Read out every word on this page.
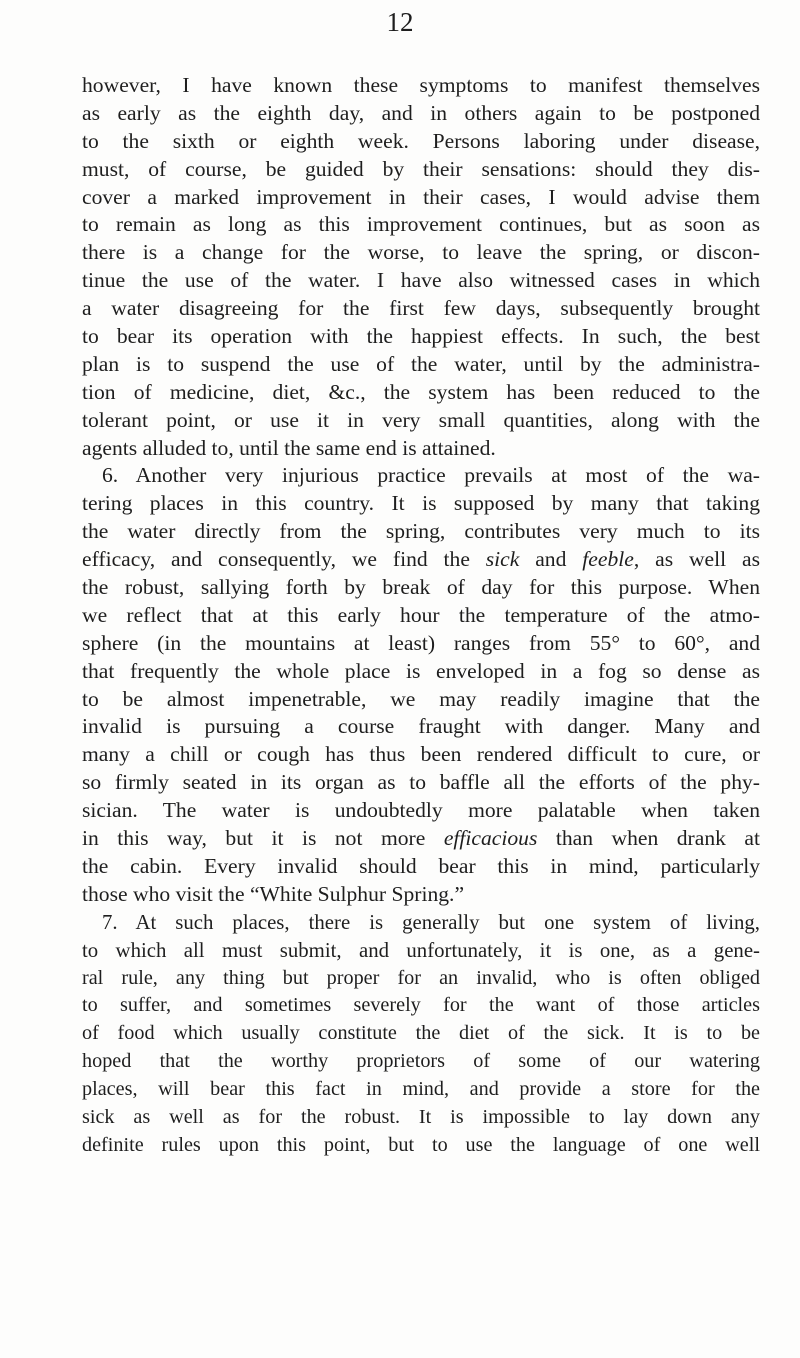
12
however, I have known these symptoms to manifest themselves
as early as the eighth day, and in others again to be postponed
to the sixth or eighth week. Persons laboring under disease,
must, of course, be guided by their sensations: should they dis-
cover a marked improvement in their cases, I would advise them
to remain as long as this improvement continues, but as soon as
there is a change for the worse, to leave the spring, or discon-
tinue the use of the water. I have also witnessed cases in which
a water disagreeing for the first few days, subsequently brought
to bear its operation with the happiest effects. In such, the best
plan is to suspend the use of the water, until by the administra-
tion of medicine, diet, &c., the system has been reduced to the
tolerant point, or use it in very small quantities, along with the
agents alluded to, until the same end is attained.
6. Another very injurious practice prevails at most of the wa-
tering places in this country. It is supposed by many that taking
the water directly from the spring, contributes very much to its
efficacy, and consequently, we find the sick and feeble, as well as
the robust, sallying forth by break of day for this purpose. When
we reflect that at this early hour the temperature of the atmo-
sphere (in the mountains at least) ranges from 55° to 60°, and
that frequently the whole place is enveloped in a fog so dense as
to be almost impenetrable, we may readily imagine that the
invalid is pursuing a course fraught with danger. Many and
many a chill or cough has thus been rendered difficult to cure, or
so firmly seated in its organ as to baffle all the efforts of the phy-
sician. The water is undoubtedly more palatable when taken
in this way, but it is not more efficacious than when drank at
the cabin. Every invalid should bear this in mind, particularly
those who visit the “White Sulphur Spring.”
7. At such places, there is generally but one system of living,
to which all must submit, and unfortunately, it is one, as a gene-
ral rule, any thing but proper for an invalid, who is often obliged
to suffer, and sometimes severely for the want of those articles
of food which usually constitute the diet of the sick. It is to be
hoped that the worthy proprietors of some of our watering
places, will bear this fact in mind, and provide a store for the
sick as well as for the robust. It is impossible to lay down any
definite rules upon this point, but to use the language of one well
